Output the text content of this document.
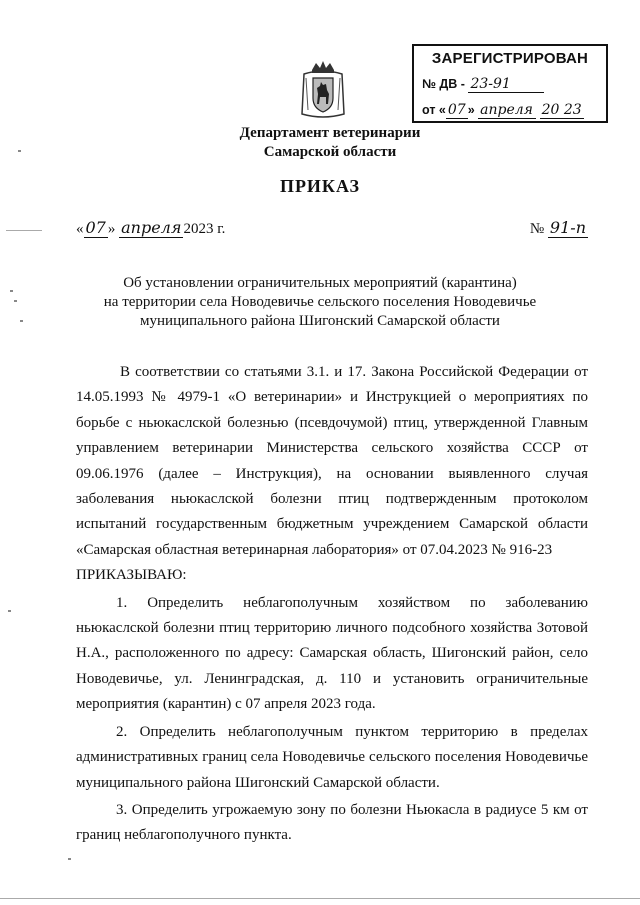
ЗАРЕГИСТРИРОВАН
№ ДВ - 23-91
от « 07 » апреля 20 23
Департамент ветеринарии
Самарской области
ПРИКАЗ
« 07 » апреля 2023 г.	№ 91-п
Об установлении ограничительных мероприятий (карантина)
на территории села Новодевичье сельского поселения Новодевичье
муниципального района Шигонский Самарской области

В соответствии со статьями 3.1. и 17. Закона Российской Федерации от 14.05.1993 № 4979-1 «О ветеринарии» и Инструкцией о мероприятиях по борьбе с ньюкаслской болезнью (псевдочумой) птиц, утвержденной Главным управлением ветеринарии Министерства сельского хозяйства СССР от 09.06.1976 (далее – Инструкция), на основании выявленного случая заболевания ньюкаслской болезни птиц подтвержденным протоколом испытаний государственным бюджетным учреждением Самарской области «Самарская областная ветеринарная лаборатория» от 07.04.2023 № 916-23

ПРИКАЗЫВАЮ:

1. Определить неблагополучным хозяйством по заболеванию ньюкаслской болезни птиц территорию личного подсобного хозяйства Зотовой Н.А., расположенного по адресу: Самарская область, Шигонский район, село Новодевичье, ул. Ленинградская, д. 110 и установить ограничительные мероприятия (карантин) с 07 апреля 2023 года.

2. Определить неблагополучным пунктом территорию в пределах административных границ села Новодевичье сельского поселения Новодевичье муниципального района Шигонский Самарской области.

3. Определить угрожаемую зону по болезни Ньюкасла в радиусе 5 км от границ неблагополучного пункта.
